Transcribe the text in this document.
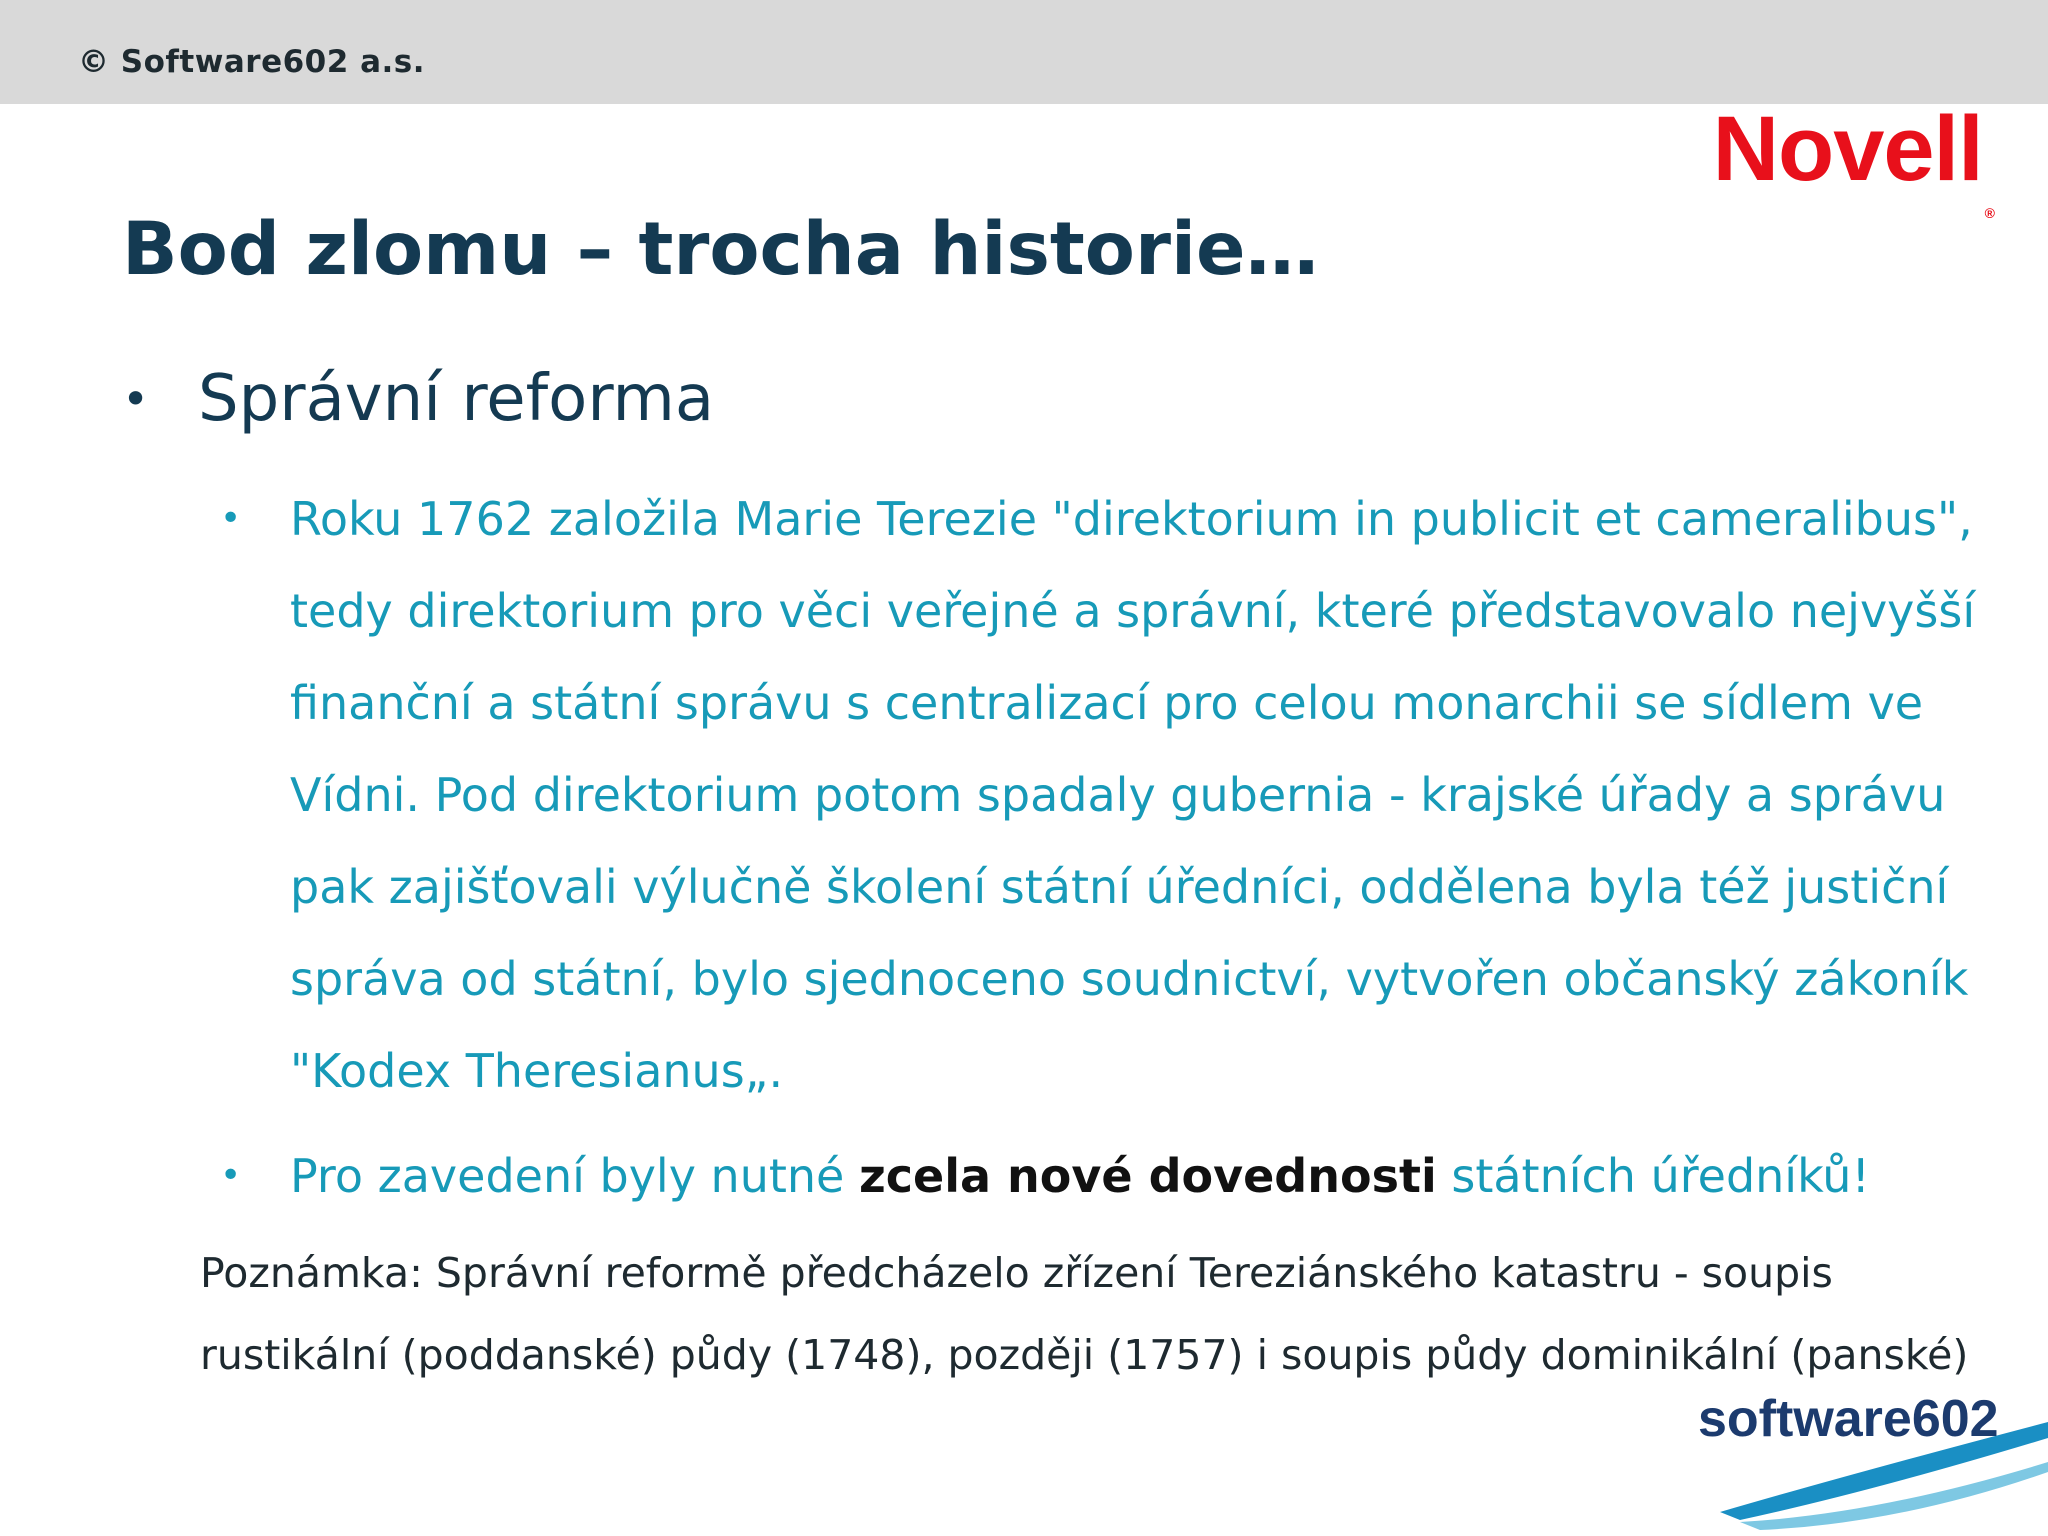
© Software602 a.s.
Novell®
Bod zlomu – trocha historie…
• Správní reforma
• Roku 1762 založila Marie Terezie "direktorium in publicit et cameralibus", tedy direktorium pro věci veřejné a správní, které představovalo nejvyšší finanční a státní správu s centralizací pro celou monarchii se sídlem ve Vídni. Pod direktorium potom spadaly gubernia - krajské úřady a správu pak zajišťovali výlučně školení státní úředníci, oddělena byla též justiční správa od státní, bylo sjednoceno soudnictví, vytvořen občanský zákoník "Kodex Theresianus„.
• Pro zavedení byly nutné zcela nové dovednosti státních úředníků!
Poznámka: Správní reformě předcházelo zřízení Tereziánského katastru - soupis rustikální (poddanské) půdy (1748), později (1757) i soupis půdy dominikální (panské)
software602
